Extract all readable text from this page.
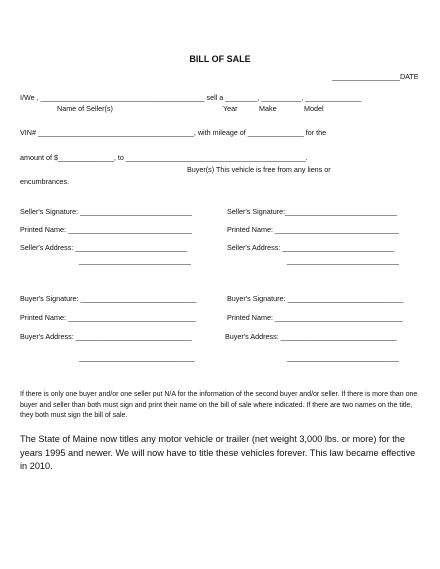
BILL OF SALE
_________________DATE
I/We , _________________________________________ sell a ________, __________, ______________
Name of Seller(s)	Year	Make	Model
VIN# _______________________________________, with mileage of ______________ for the
amount of $______________, to _____________________________________________.
Buyer(s) This vehicle is free from any liens or
encumbrances.
Seller's Signature: ____________________________
Printed Name: _______________________________
Seller's Address: ____________________________
____________________________
Seller's Signature:____________________________
Printed Name: _______________________________
Seller's Address: ____________________________
____________________________
Buyer's Signature: _____________________________
Printed Name: ________________________________
Buyer's Address: _____________________________
_____________________________
Buyer's Signature: _____________________________
Printed Name: ________________________________
Buyer's Address: _____________________________
____________________________
If there is only one buyer and/or one seller put N/A for the information of the second buyer and/or seller. If there is more than one buyer and seller than both must sign and print their name on the bill of sale where indicated. If there are two names on the title, they both must sign the bill of sale.
The State of Maine now titles any motor vehicle or trailer (net weight 3,000 lbs. or more) for the years 1995 and newer. We will now have to title these vehicles forever. This law became effective in 2010.
